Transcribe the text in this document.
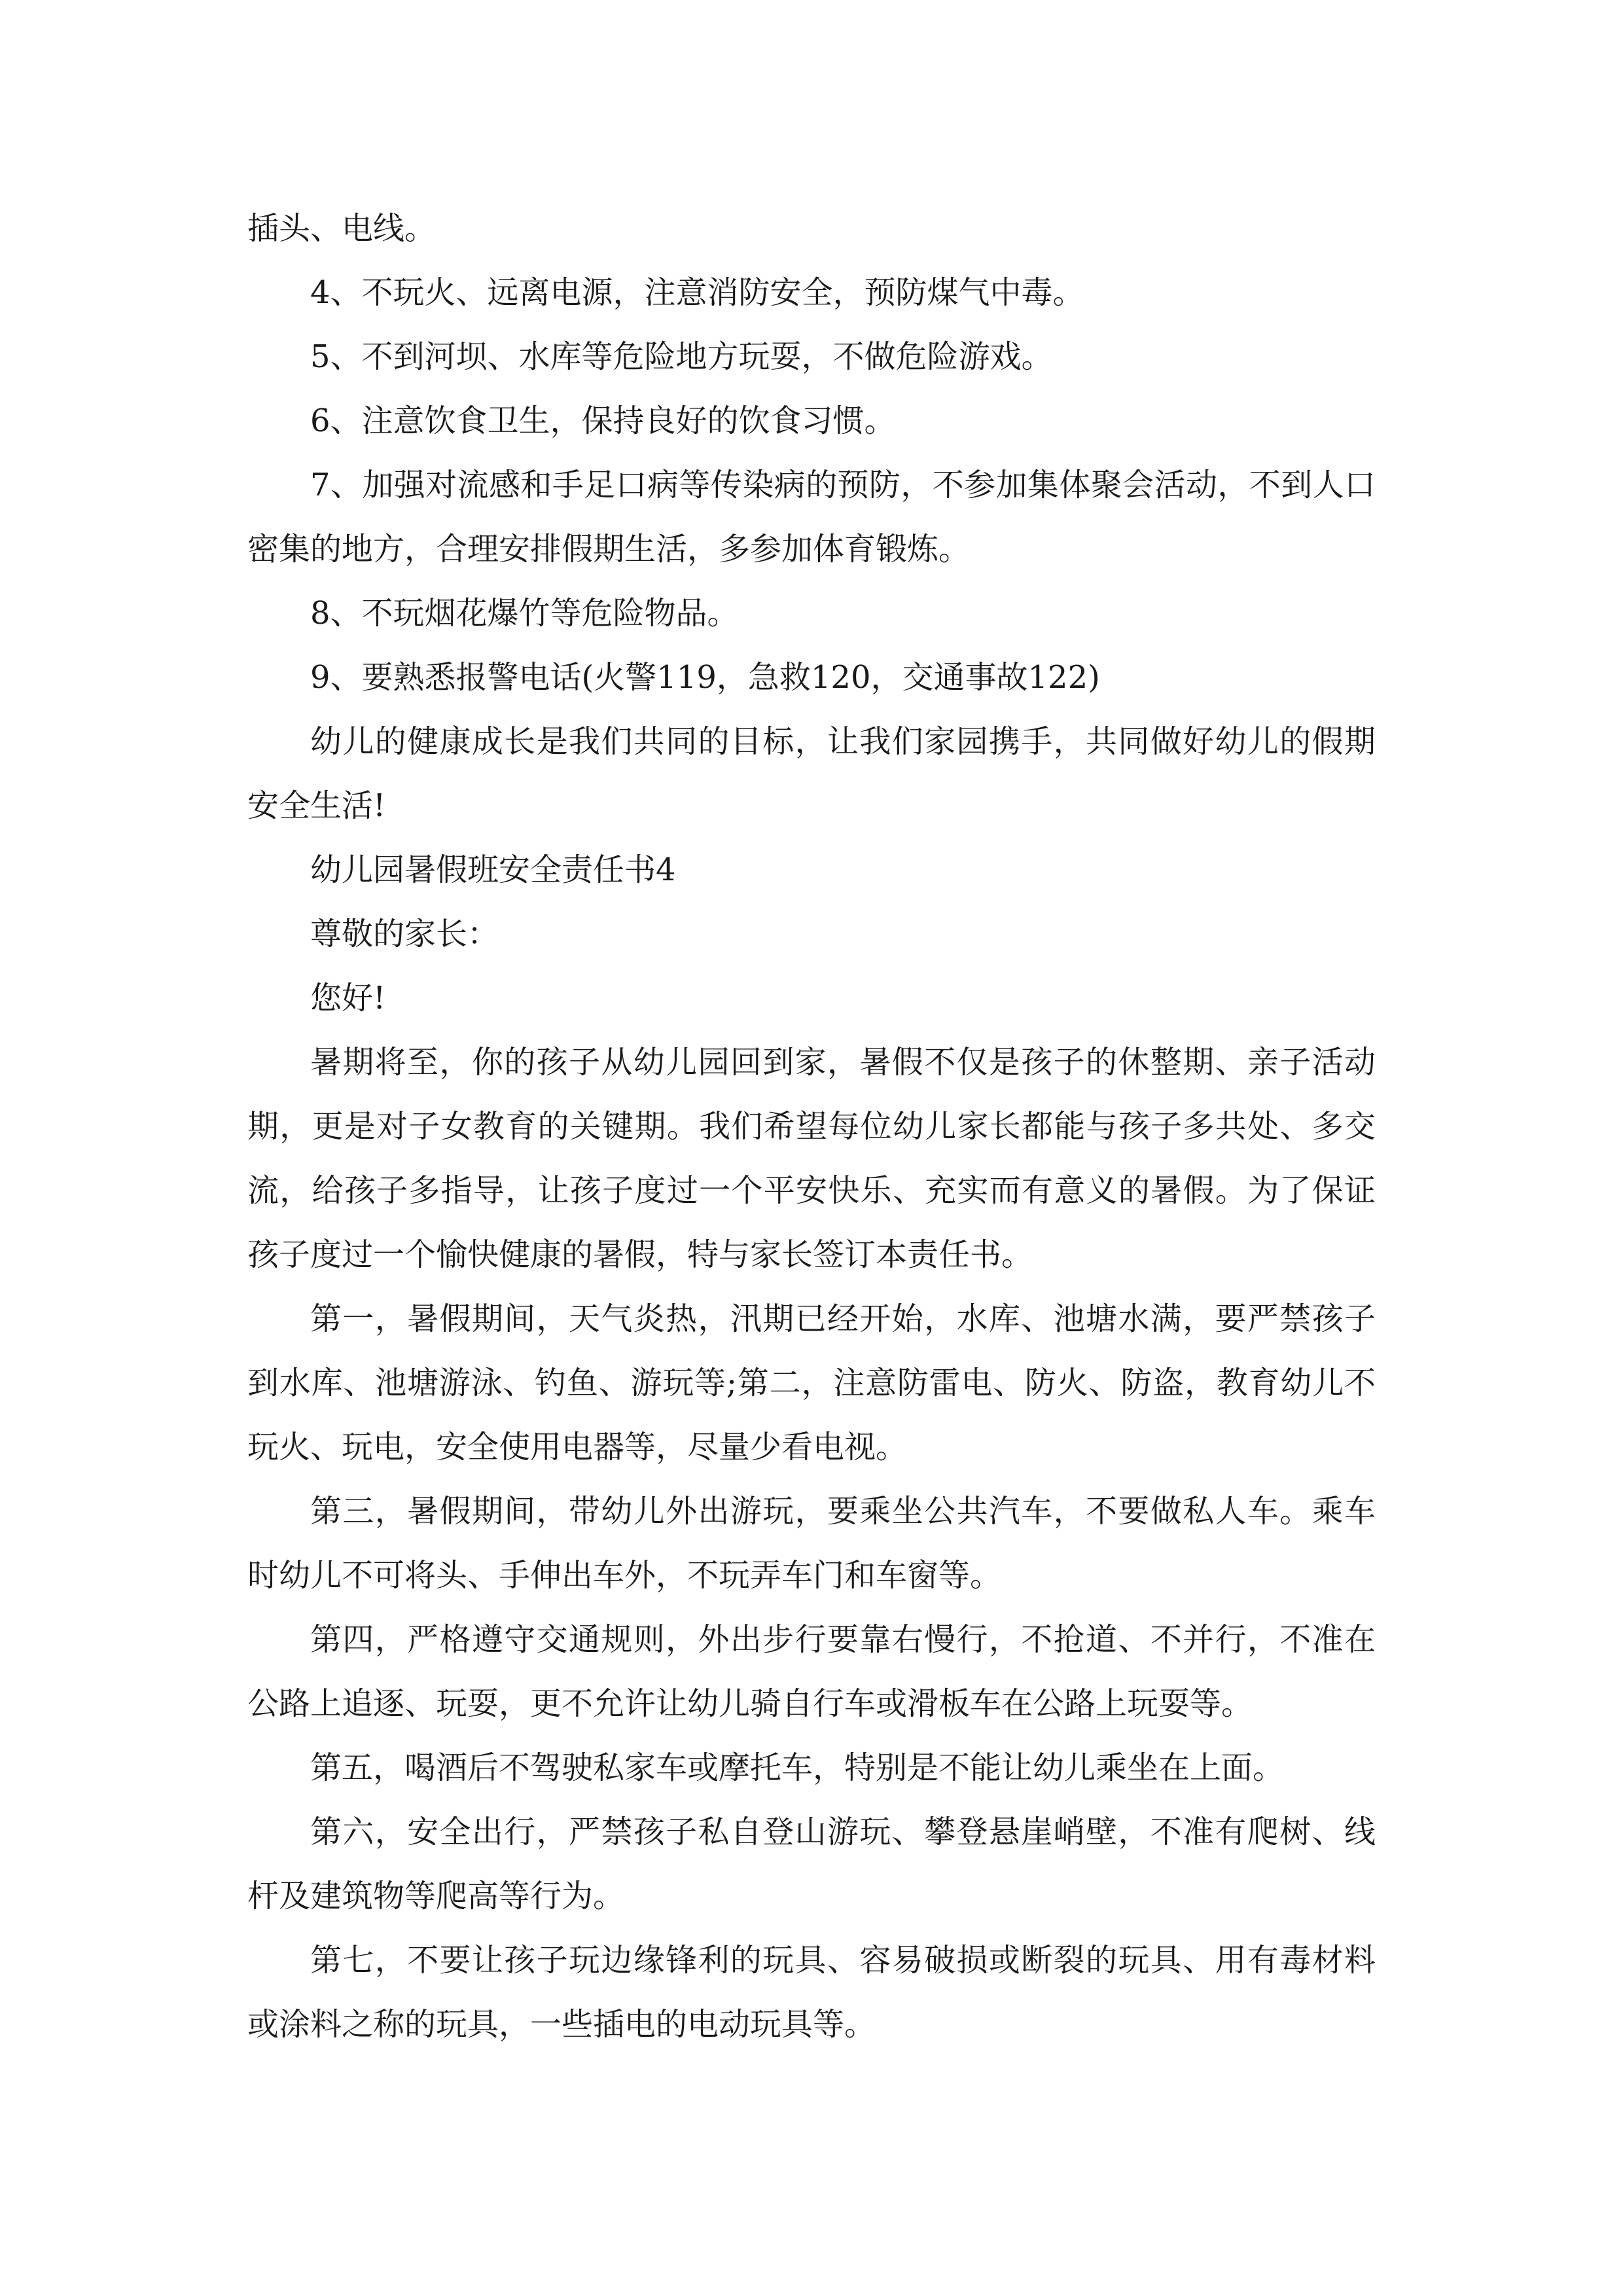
插头、电线。

4、不玩火、远离电源，注意消防安全，预防煤气中毒。

5、不到河坝、水库等危险地方玩耍，不做危险游戏。

6、注意饮食卫生，保持良好的饮食习惯。

7、加强对流感和手足口病等传染病的预防，不参加集体聚会活动，不到人口密集的地方，合理安排假期生活，多参加体育锻炼。

8、不玩烟花爆竹等危险物品。

9、要熟悉报警电话(火警119，急救120，交通事故122)

幼儿的健康成长是我们共同的目标，让我们家园携手，共同做好幼儿的假期安全生活!

幼儿园暑假班安全责任书4

尊敬的家长：

您好!

暑期将至，你的孩子从幼儿园回到家，暑假不仅是孩子的休整期、亲子活动期，更是对子女教育的关键期。我们希望每位幼儿家长都能与孩子多共处、多交流，给孩子多指导，让孩子度过一个平安快乐、充实而有意义的暑假。为了保证孩子度过一个愉快健康的暑假，特与家长签订本责任书。

第一，暑假期间，天气炎热，汛期已经开始，水库、池塘水满，要严禁孩子到水库、池塘游泳、钓鱼、游玩等;第二，注意防雷电、防火、防盗，教育幼儿不玩火、玩电，安全使用电器等，尽量少看电视。

第三，暑假期间，带幼儿外出游玩，要乘坐公共汽车，不要做私人车。乘车时幼儿不可将头、手伸出车外，不玩弄车门和车窗等。

第四，严格遵守交通规则，外出步行要靠右慢行，不抢道、不并行，不准在公路上追逐、玩耍，更不允许让幼儿骑自行车或滑板车在公路上玩耍等。

第五，喝酒后不驾驶私家车或摩托车，特别是不能让幼儿乘坐在上面。

第六，安全出行，严禁孩子私自登山游玩、攀登悬崖峭壁，不准有爬树、线杆及建筑物等爬高等行为。

第七，不要让孩子玩边缘锋利的玩具、容易破损或断裂的玩具、用有毒材料或涂料之称的玩具，一些插电的电动玩具等。
